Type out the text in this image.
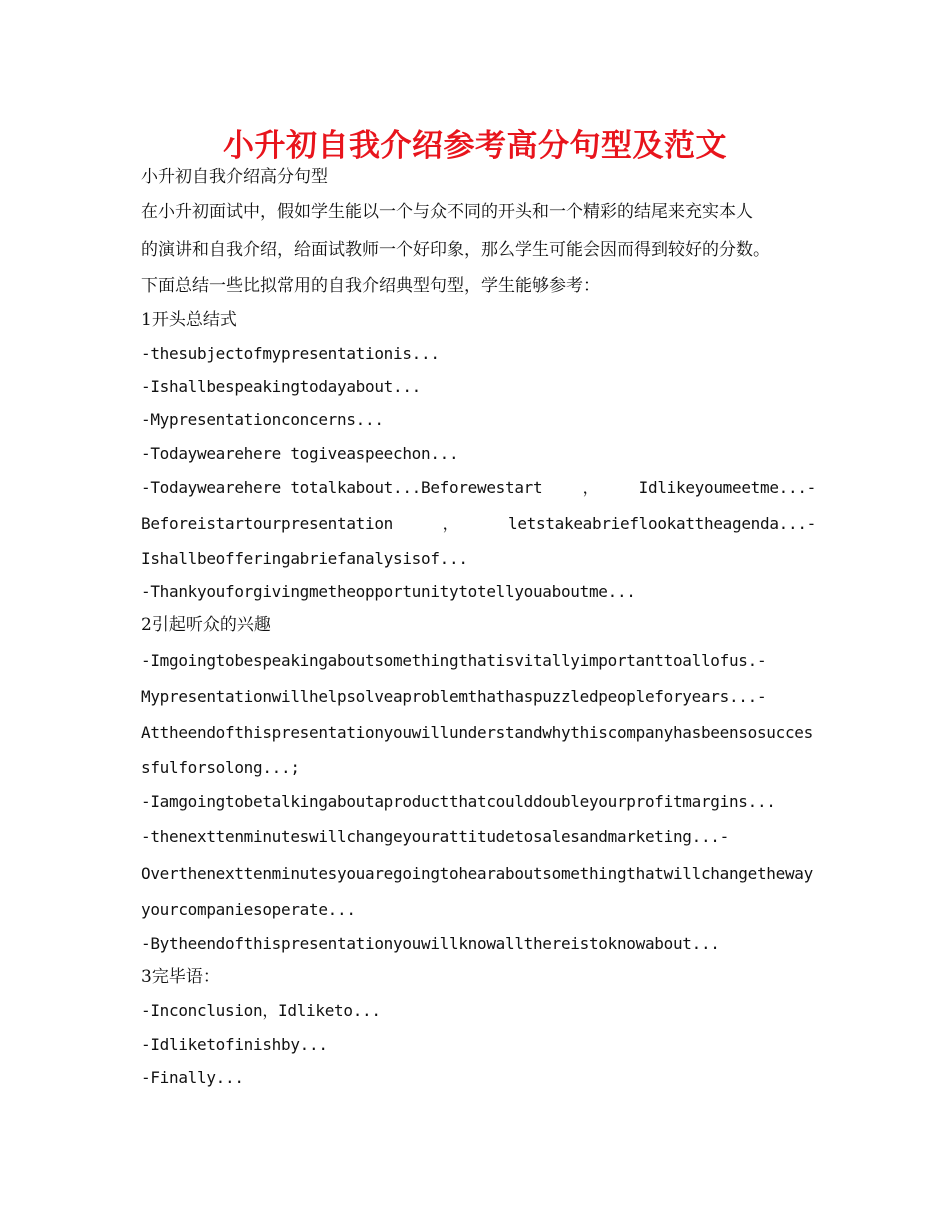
小升初自我介绍参考高分句型及范文
小升初自我介绍高分句型
在小升初面试中，假如学生能以一个与众不同的开头和一个精彩的结尾来充实本人
的演讲和自我介绍，给面试教师一个好印象，那么学生可能会因而得到较好的分数。
下面总结一些比拟常用的自我介绍典型句型，学生能够参考：
1开头总结式
-thesubjectofmypresentationis...
-Ishallbespeakingtodayabout...
-Mypresentationconcerns...
-Todaywearehere togiveaspeechon...
-Todaywearehere totalkabout...Beforewestart	，	Idlikeyoumeetme...-
Beforeistartourpresentation	，	letstakeabrieflookattheagenda...-
Ishallbeofferingabriefanalysisof...
-Thankyouforgivingmetheopportunitytotellyouaboutme...
2引起听众的兴趣
-Imgoingtobespeakingaboutsomethingthatisvitallyimportanttoallofus.-
Mypresentationwillhelpsolveaproblemthathaspuzzledpeopleforyears...-
Attheendofthispresentationyouwillunderstandwhythiscompanyhasbeensosucces
sfulforsolong...;
-Iamgoingtobetalkingaboutaproductthatcoulddoubleyourprofitmargins...
-thenexttenminuteswillchangeyourattitudetosalesandmarketing...-
Overthenexttenminutesyouaregoingtohearaboutsomethingthatwillchangetheway
yourcompaniesoperate...
-Bytheendofthispresentationyouwillknowallthereistoknowabout...
3完毕语：
-Inconclusion，Idliketo...
-Idliketofinishby...
-Finally...
